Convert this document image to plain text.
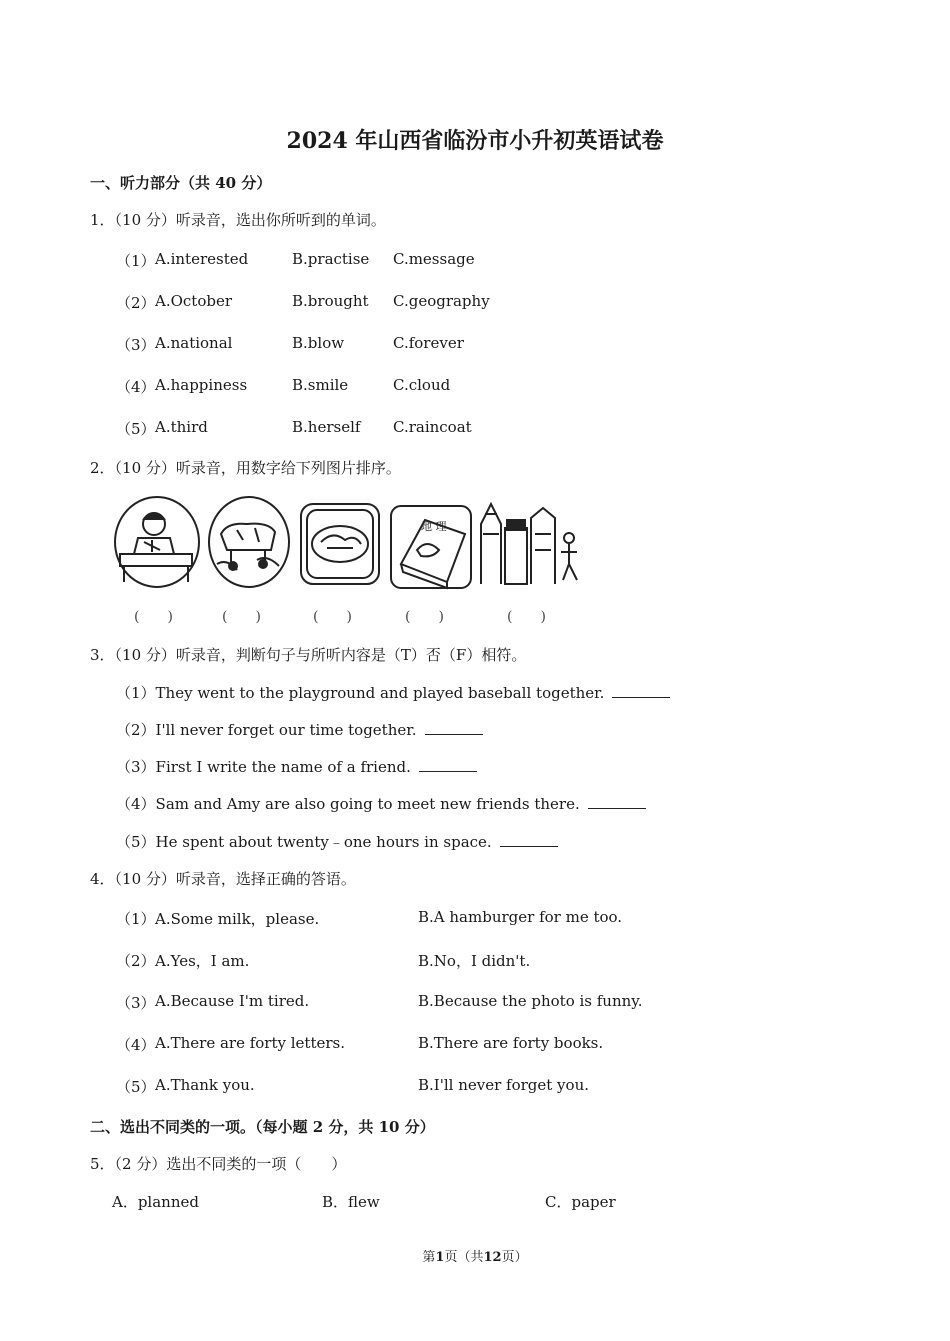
2024 年山西省临汾市小升初英语试卷
一、听力部分（共 40 分）
1．（10 分）听录音，选出你所听到的单词。
（1） A.interested	B.practise C.message
（2） A.October	B.brought C.geography
（3） A.national	B.blow	C.forever
（4） A.happiness	B.smile	C.cloud
（5） A.third	B.herself C.raincoat
2．（10 分）听录音，用数字给下列图片排序。
地 理
(　　)	(　　)	(　　)	(　　)	(　　)
3．（10 分）听录音，判断句子与所听内容是（T）否（F）相符。
（1）They went to the playground and played baseball together.
（2）I'll never forget our time together.
（3）First I write the name of a friend.
（4）Sam and Amy are also going to meet new friends there.
（5）He spent about twenty﹣one hours in space.
4．（10 分）听录音，选择正确的答语。
（1） A.Some milk，please.	B.A hamburger for me too.
（2） A.Yes，I am.	B.No，I didn't.
（3） A.Because I'm tired.	B.Because the photo is funny.
（4） A.There are forty letters.	B.There are forty books.
（5） A.Thank you.	B.I'll never forget you.
二、选出不同类的一项。（每小题 2 分，共 10 分）
5．（2 分）选出不同类的一项（　　）
A．planned	B．flew	C．paper
第1页（共12页）
